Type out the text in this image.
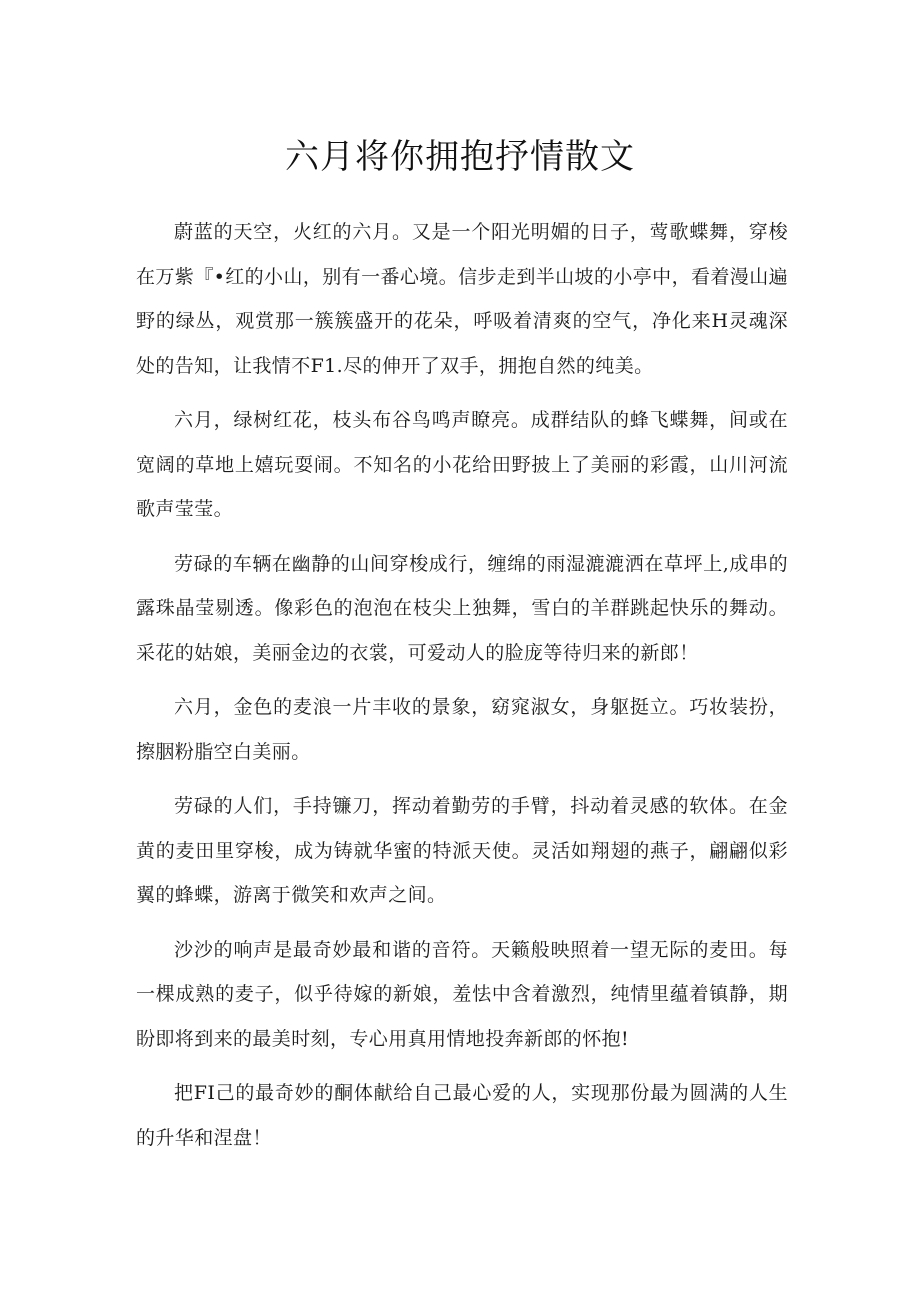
六月将你拥抱抒情散文

蔚蓝的天空，火红的六月。又是一个阳光明媚的日子，莺歌蝶舞，穿梭在万紫『•红的小山，别有一番心境。信步走到半山坡的小亭中，看着漫山遍野的绿丛，观赏那一簇簇盛开的花朵，呼吸着清爽的空气，净化来H灵魂深处的告知，让我情不F1.尽的伸开了双手，拥抱自然的纯美。

六月，绿树红花，枝头布谷鸟鸣声瞭亮。成群结队的蜂飞蝶舞，间或在宽阔的草地上嬉玩耍闹。不知名的小花给田野披上了美丽的彩霞，山川河流歌声莹莹。

劳碌的车辆在幽静的山间穿梭成行，缠绵的雨湿漉漉洒在草坪上,成串的露珠晶莹剔透。像彩色的泡泡在枝尖上独舞，雪白的羊群跳起快乐的舞动。采花的姑娘，美丽金边的衣裳，可爱动人的脸庞等待归来的新郎！

六月，金色的麦浪一片丰收的景象，窈窕淑女，身躯挺立。巧妆装扮，擦胭粉脂空白美丽。

劳碌的人们，手持镰刀，挥动着勤劳的手臂，抖动着灵感的软体。在金黄的麦田里穿梭，成为铸就华蜜的特派天使。灵活如翔翅的燕子，翩翩似彩翼的蜂蝶，游离于微笑和欢声之间。

沙沙的响声是最奇妙最和谐的音符。天籁般映照着一望无际的麦田。每一棵成熟的麦子，似乎待嫁的新娘，羞怯中含着激烈，纯情里蕴着镇静，期盼即将到来的最美时刻，专心用真用情地投奔新郎的怀抱!

把FI己的最奇妙的酮体献给自己最心爱的人，实现那份最为圆满的人生的升华和涅盘！
